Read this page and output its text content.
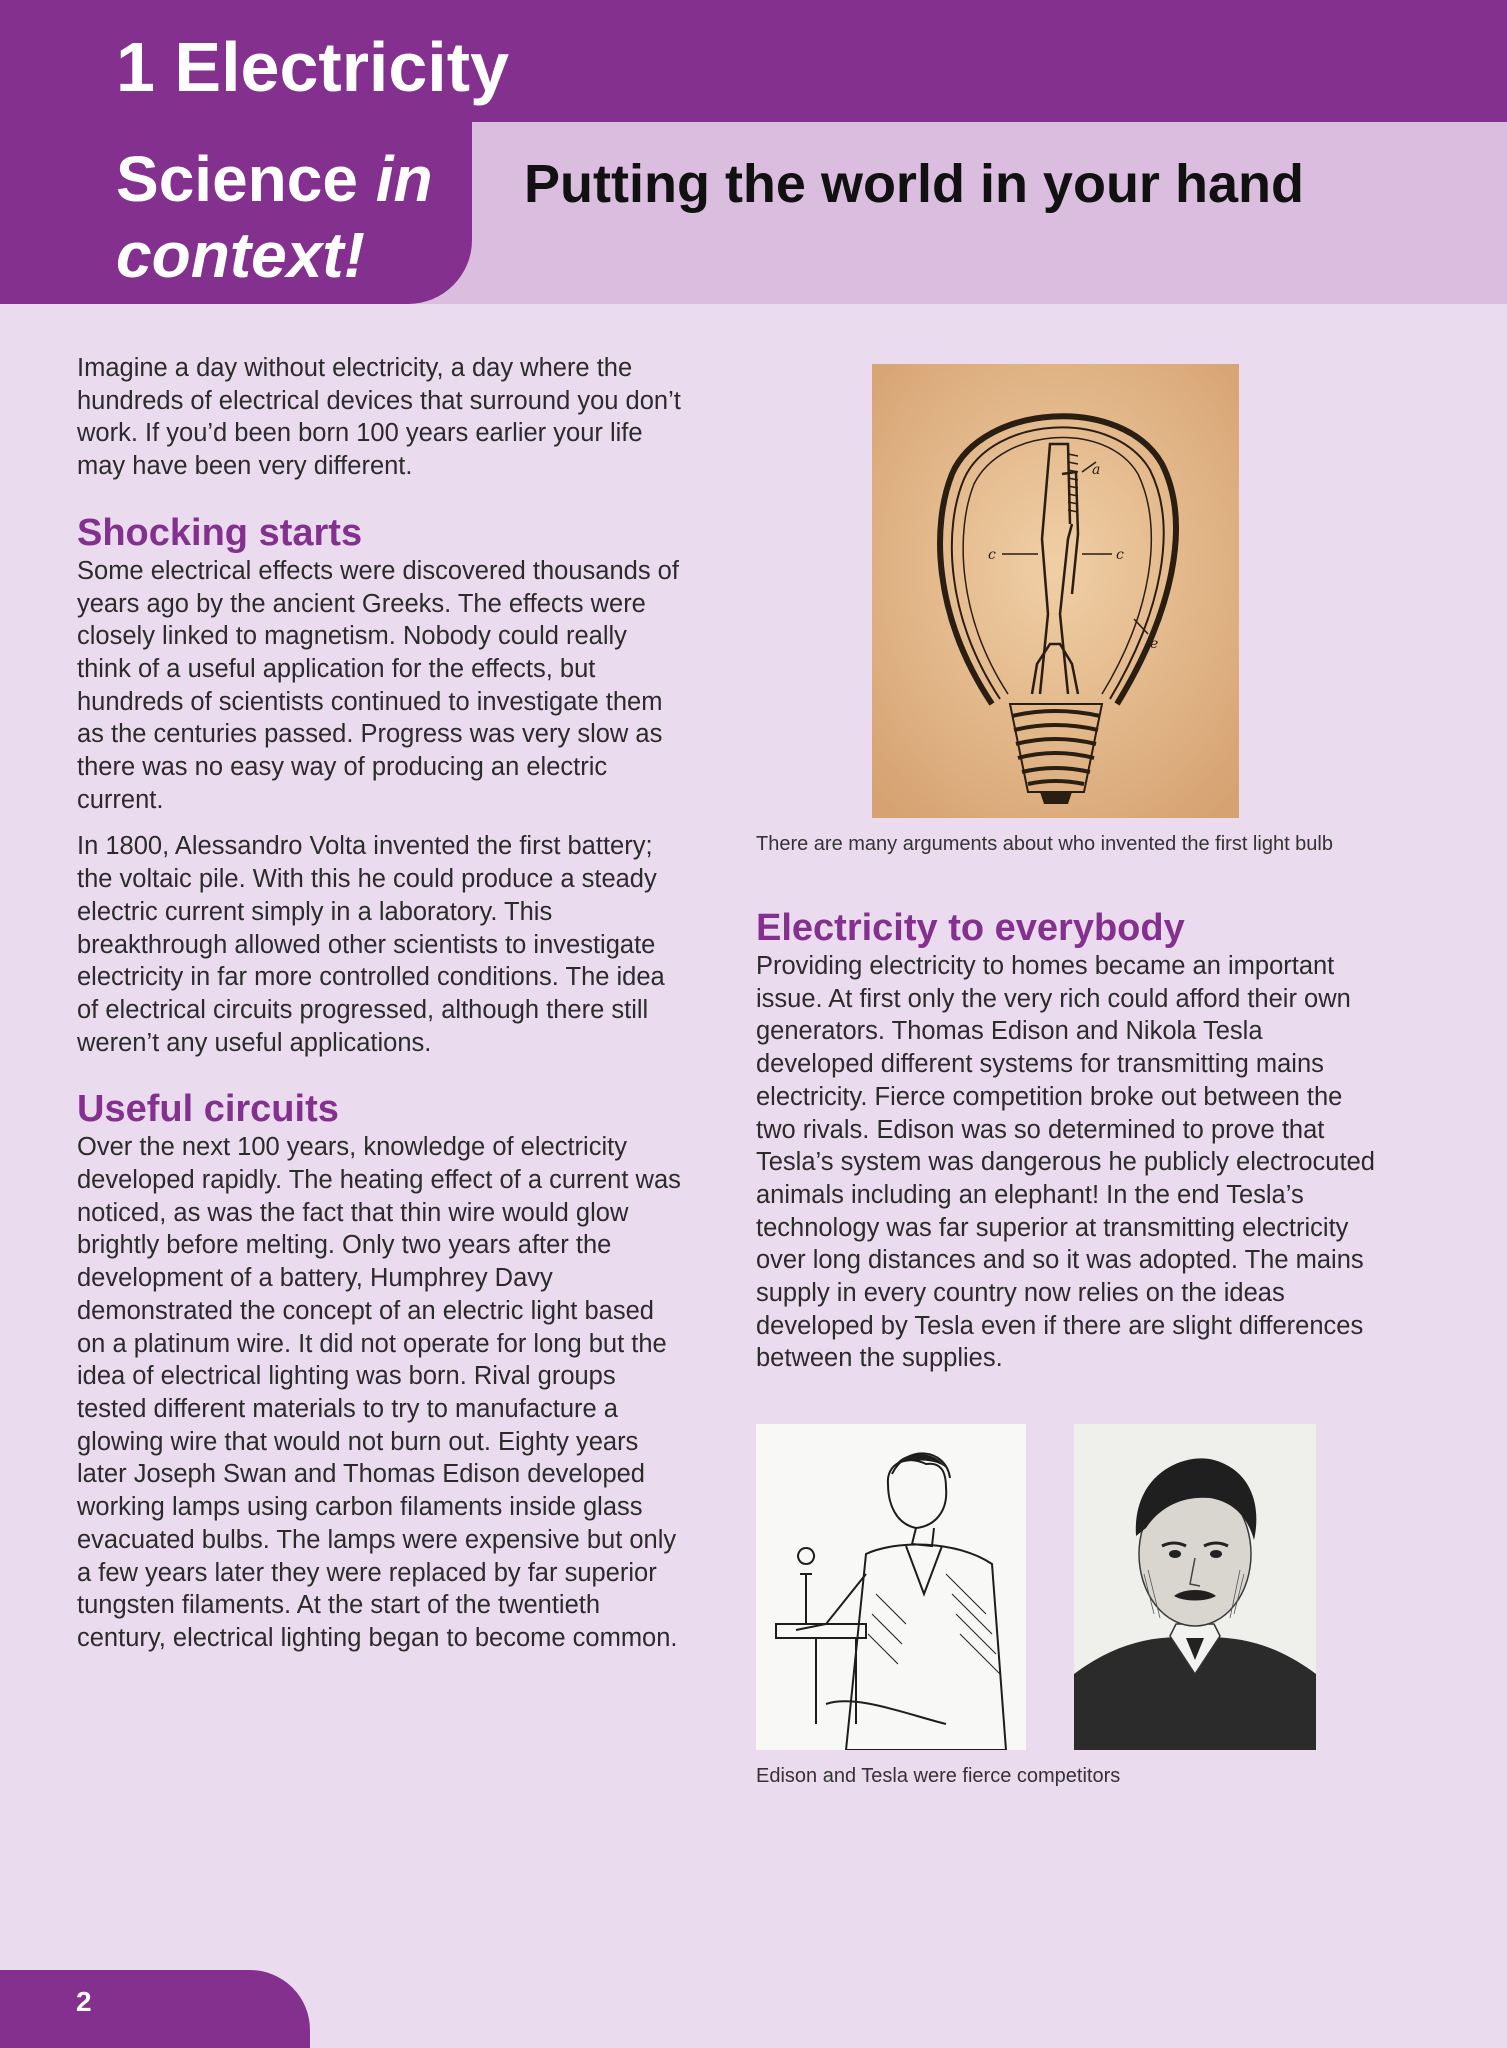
1 Electricity

Science in

context!

Putting the world in your hand

Imagine a day without electricity, a day where the hundreds of electrical devices that surround you don’t work. If you’d been born 100 years earlier your life may have been very different.

Shocking starts

Some electrical effects were discovered thousands of years ago by the ancient Greeks. The effects were closely linked to magnetism. Nobody could really think of a useful application for the effects, but hundreds of scientists continued to investigate them as the centuries passed. Progress was very slow as there was no easy way of producing an electric current.

In 1800, Alessandro Volta invented the first battery; the voltaic pile. With this he could produce a steady electric current simply in a laboratory. This breakthrough allowed other scientists to investigate electricity in far more controlled conditions. The idea of electrical circuits progressed, although there still weren’t any useful applications.

Useful circuits

Over the next 100 years, knowledge of electricity developed rapidly. The heating effect of a current was noticed, as was the fact that thin wire would glow brightly before melting. Only two years after the development of a battery, Humphrey Davy demonstrated the concept of an electric light based on a platinum wire. It did not operate for long but the idea of electrical lighting was born. Rival groups tested different materials to try to manufacture a glowing wire that would not burn out. Eighty years later Joseph Swan and Thomas Edison developed working lamps using carbon filaments inside glass evacuated bulbs. The lamps were expensive but only a few years later they were replaced by far superior tungsten filaments. At the start of the twentieth century, electrical lighting began to become common.

a
c	c
e

There are many arguments about who invented the first light bulb

Electricity to everybody

Providing electricity to homes became an important issue. At first only the very rich could afford their own generators. Thomas Edison and Nikola Tesla developed different systems for transmitting mains electricity. Fierce competition broke out between the two rivals. Edison was so determined to prove that Tesla’s system was dangerous he publicly electrocuted animals including an elephant! In the end Tesla’s technology was far superior at transmitting electricity over long distances and so it was adopted. The mains supply in every country now relies on the ideas developed by Tesla even if there are slight differences between the supplies.

Edison and Tesla were fierce competitors

2
